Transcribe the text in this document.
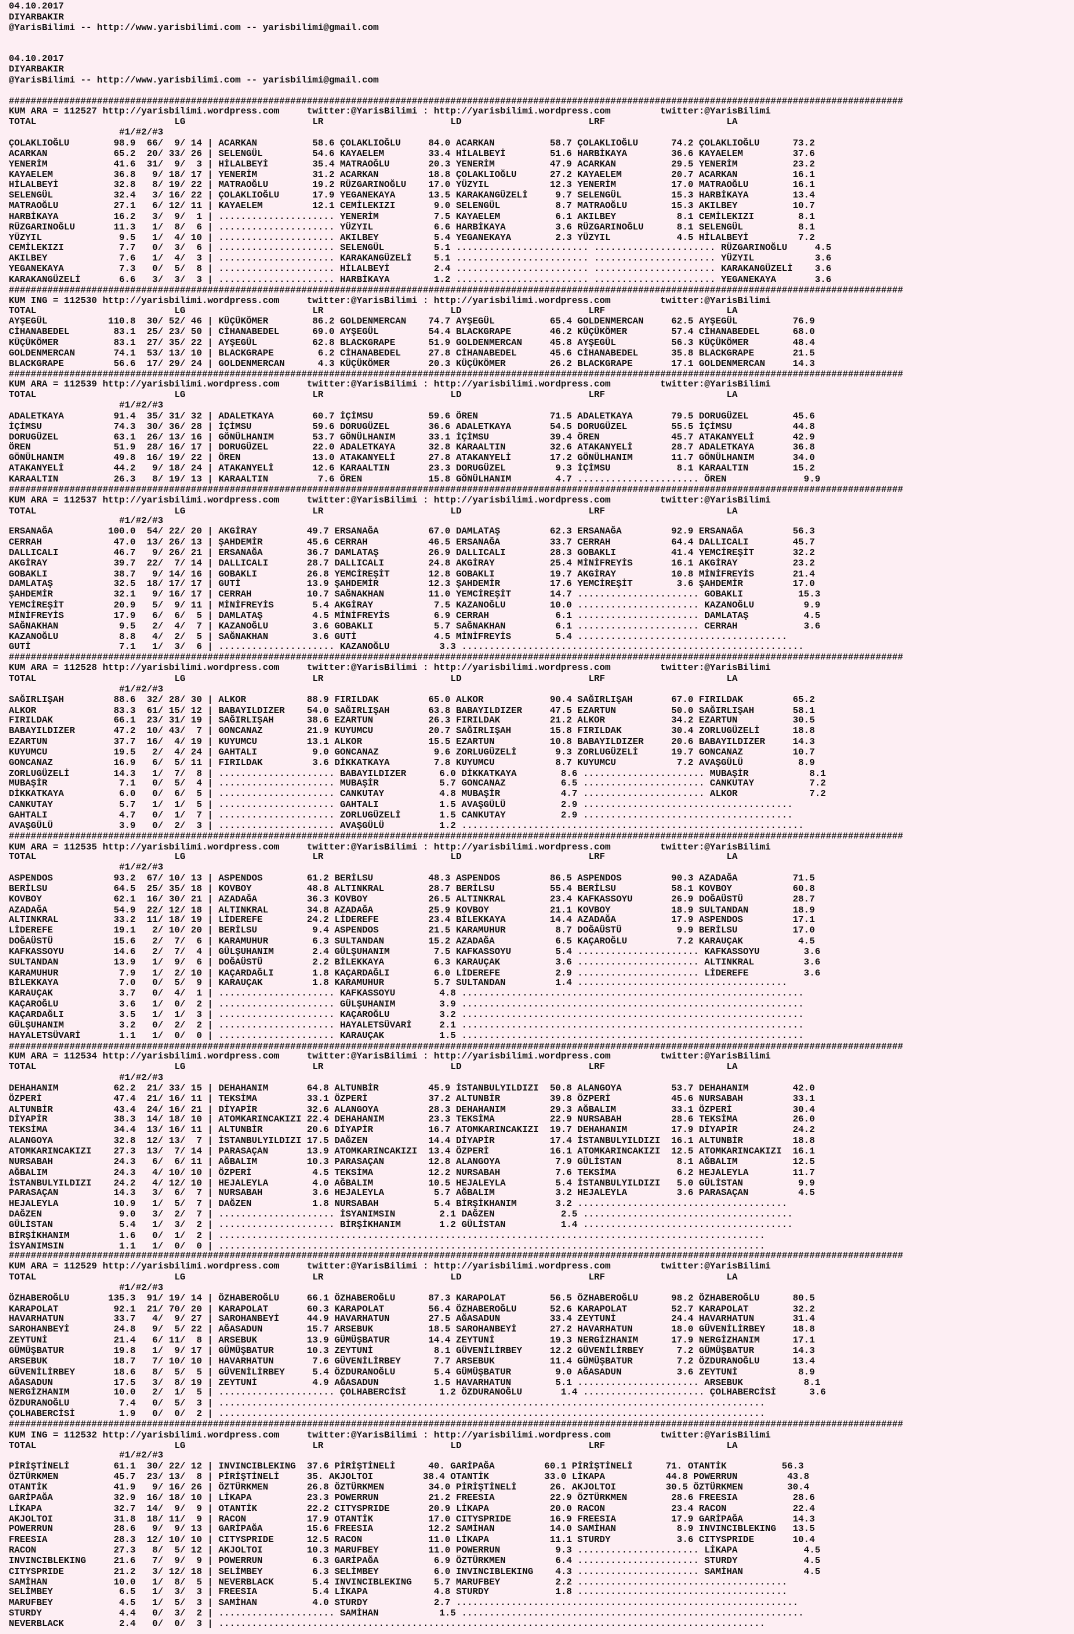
04.10.2017
DIYARBAKIR
@YarisBilimi -- http://www.yarisbilimi.com -- yarisbilimi@gmail.com
04.10.2017
DIYARBAKIR
@YarisBilimi -- http://www.yarisbilimi.com -- yarisbilimi@gmail.com
##################################################################################################################################################################
KUM ARA = 112527 http://yarisbilimi.wordpress.com     twitter:@YarisBilimi : http://yarisbilimi.wordpress.com         twitter:@YarisBilimi
TOTAL                         LG                       LR                       LD                       LRF                      LA
#1/#2/#3
ÇOLAKLIOĞLU        98.9  66/  9/ 14 | ACARKAN          58.6 ÇOLAKLIOĞLU     84.0 ACARKAN          58.7 ÇOLAKLIOĞLU      74.2 ÇOLAKLIOĞLU      73.2
ACARKAN            65.2  20/ 33/ 26 | SELENGÜL         54.6 KAYAELEM        33.4 HİLALBEYİ        51.6 HARBİKAYA        36.6 KAYAELEM         37.6
YENERİM            41.6  31/  9/  3 | HİLALBEYİ        35.4 MATRAOĞLU       20.3 YENERİM          47.9 ACARKAN          29.5 YENERİM          23.2
KAYAELEM           36.8   9/ 18/ 17 | YENERİM          31.2 ACARKAN         18.8 ÇOLAKLIOĞLU      27.2 KAYAELEM         20.7 ACARKAN          16.1
HİLALBEYİ          32.8   8/ 19/ 22 | MATRAOĞLU        19.2 RÜZGARINOĞLU    17.0 YÜZYIL           12.3 YENERİM          17.0 MATRAOĞLU        16.1
SELENGÜL           32.4   3/ 16/ 22 | ÇOLAKLIOĞLU      17.9 YEGANEKAYA      13.5 KARAKANGÜZELİ     9.7 SELENGÜL         15.3 HARBİKAYA        13.4
MATRAOĞLU          27.1   6/ 12/ 11 | KAYAELEM         12.1 CEMİLEKIZI       9.0 SELENGÜL          8.7 MATRAOĞLU        15.3 AKILBEY          10.7
HARBİKAYA          16.2   3/  9/  1 | ..................... YENERİM          7.5 KAYAELEM          6.1 AKILBEY           8.1 CEMİLEKIZI        8.1
RÜZGARINOĞLU       11.3   1/  8/  6 | ..................... YÜZYIL           6.6 HARBİKAYA         3.6 RÜZGARINOĞLU      8.1 SELENGÜL          8.1
YÜZYIL              9.5   1/  4/ 10 | ..................... AKILBEY          5.4 YEGANEKAYA        2.3 YÜZYIL            4.5 HİLALBEYİ         7.2
CEMİLEKIZI          7.7   0/  3/  6 | ..................... SELENGÜL         5.1 ........................ ...................... RÜZGARINOĞLU     4.5
AKILBEY             7.6   1/  4/  3 | ..................... KARAKANGÜZELİ    5.1 ........................ ...................... YÜZYIL           3.6
YEGANEKAYA          7.3   0/  5/  8 | ..................... HİLALBEYİ        2.4 ........................ ...................... KARAKANGÜZELİ    3.6
KARAKANGÜZELİ       6.6   3/  3/  3 | ..................... HARBİKAYA        1.2 ........................ ...................... YEGANEKAYA       3.6
##################################################################################################################################################################
KUM ING = 112530 http://yarisbilimi.wordpress.com     twitter:@YarisBilimi : http://yarisbilimi.wordpress.com         twitter:@YarisBilimi
TOTAL                         LG                       LR                       LD                       LRF                      LA
AYŞEGÜL           110.8  30/ 52/ 46 | KÜÇÜKÖMER        86.2 GOLDENMERCAN    74.7 AYŞEGÜL          65.4 GOLDENMERCAN     62.5 AYŞEGÜL          76.9
CİHANABEDEL        83.1  25/ 23/ 50 | CİHANABEDEL      69.0 AYŞEGÜL         54.4 BLACKGRAPE       46.2 KÜÇÜKÖMER        57.4 CİHANABEDEL      68.0
KÜÇÜKÖMER          83.1  27/ 35/ 22 | AYŞEGÜL          62.8 BLACKGRAPE      51.9 GOLDENMERCAN     45.8 AYŞEGÜL          56.3 KÜÇÜKÖMER        48.4
GOLDENMERCAN       74.1  53/ 13/ 10 | BLACKGRAPE        6.2 CİHANABEDEL     27.8 CİHANABEDEL      45.6 CİHANABEDEL      35.8 BLACKGRAPE       21.5
BLACKGRAPE         56.6  17/ 29/ 24 | GOLDENMERCAN      4.3 KÜÇÜKÖMER       20.3 KÜÇÜKÖMER        26.2 BLACKGRAPE       17.1 GOLDENMERCAN     14.3
##################################################################################################################################################################
KUM ARA = 112539 http://yarisbilimi.wordpress.com     twitter:@YarisBilimi : http://yarisbilimi.wordpress.com         twitter:@YarisBilimi
TOTAL                         LG                       LR                       LD                       LRF                      LA
#1/#2/#3
ADALETKAYA         91.4  35/ 31/ 32 | ADALETKAYA       60.7 İÇİMSU          59.6 ÖREN             71.5 ADALETKAYA       79.5 DORUGÜZEL        45.6
İÇİMSU             74.3  30/ 36/ 28 | İÇİMSU           59.6 DORUGÜZEL       36.6 ADALETKAYA       54.5 DORUGÜZEL        55.5 İÇİMSU           44.8
DORUGÜZEL          63.1  26/ 13/ 16 | GÖNÜLHANIM       53.7 GÖNÜLHANIM      33.1 İÇİMSU           39.4 ÖREN             45.7 ATAKANYELİ       42.9
ÖREN               51.9  28/ 16/ 17 | DORUGÜZEL        22.0 ADALETKAYA      32.8 KARAALTIN        32.6 ATAKANYELİ       28.7 ADALETKAYA       36.8
GÖNÜLHANIM         49.8  16/ 19/ 22 | ÖREN             13.0 ATAKANYELİ      27.8 ATAKANYELİ       17.2 GÖNÜLHANIM       11.7 GÖNÜLHANIM       34.0
ATAKANYELİ         44.2   9/ 18/ 24 | ATAKANYELİ       12.6 KARAALTIN       23.3 DORUGÜZEL         9.3 İÇİMSU            8.1 KARAALTIN        15.2
KARAALTIN          26.3   8/ 19/ 13 | KARAALTIN         7.6 ÖREN            15.8 GÖNÜLHANIM        4.7 ...................... ÖREN              9.9
##################################################################################################################################################################
KUM ARA = 112537 http://yarisbilimi.wordpress.com     twitter:@YarisBilimi : http://yarisbilimi.wordpress.com         twitter:@YarisBilimi
TOTAL                         LG                       LR                       LD                       LRF                      LA
#1/#2/#3
ERSANAĞA          100.0  54/ 22/ 20 | AKGİRAY         49.7 ERSANAĞA         67.0 DAMLATAŞ         62.3 ERSANAĞA         92.9 ERSANAĞA         56.3
CERRAH             47.0  13/ 26/ 13 | ŞAHDEMİR        45.6 CERRAH           46.5 ERSANAĞA         33.7 CERRAH           64.4 DALLICALI        45.7
DALLICALI          46.7   9/ 26/ 21 | ERSANAĞA        36.7 DAMLATAŞ         26.9 DALLICALI        28.3 GOBAKLI          41.4 YEMCİREŞİT       32.2
AKGİRAY            39.7  22/  7/ 14 | DALLICALI       28.7 DALLICALI        24.8 AKGİRAY          25.4 MİNİFREYİS       16.1 AKGİRAY          23.2
GOBAKLI            38.7   9/ 14/ 16 | GOBAKLI         26.8 YEMCİREŞİT       12.8 GOBAKLI          19.7 AKGİRAY          10.8 MİNİFREYİS       21.4
DAMLATAŞ           32.5  18/ 17/ 17 | GUTİ            13.9 ŞAHDEMİR         12.3 ŞAHDEMİR         17.6 YEMCİREŞİT        3.6 ŞAHDEMİR         17.0
ŞAHDEMİR           32.1   9/ 16/ 17 | CERRAH          10.7 SAĞNAKHAN        11.0 YEMCİREŞİT       14.7 ...................... GOBAKLI          15.3
YEMCİREŞİT         20.9   5/  9/ 11 | MİNİFREYİS       5.4 AKGİRAY           7.5 KAZANOĞLU        10.0 ...................... KAZANOĞLU         9.9
MİNİFREYİS         17.9   6/  6/  5 | DAMLATAŞ         4.5 MİNİFREYİS        6.9 CERRAH            6.1 ...................... DAMLATAŞ          4.5
SAĞNAKHAN           9.5   2/  4/  7 | KAZANOĞLU        3.6 GOBAKLI           5.7 SAĞNAKHAN         6.1 ...................... CERRAH            3.6
KAZANOĞLU           8.8   4/  2/  5 | SAĞNAKHAN        3.6 GUTİ              4.5 MİNİFREYİS        5.4 ......................................
GUTİ                7.1   1/  3/  6 | ..................... KAZANOĞLU         3.3 ..............................................................
##################################################################################################################################################################
KUM ARA = 112528 http://yarisbilimi.wordpress.com     twitter:@YarisBilimi : http://yarisbilimi.wordpress.com         twitter:@YarisBilimi
TOTAL                         LG                       LR                       LD                       LRF                      LA
#1/#2/#3
SAĞIRLIŞAH         88.6  32/ 28/ 30 | ALKOR           88.9 FIRILDAK         65.0 ALKOR            90.4 SAĞIRLIŞAH       67.0 FIRILDAK         65.2
ALKOR              83.3  61/ 15/ 12 | BABAYILDIZER    54.0 SAĞIRLIŞAH       63.8 BABAYILDIZER     47.5 EZARTUN          50.0 SAĞIRLIŞAH       58.1
FIRILDAK           66.1  23/ 31/ 19 | SAĞIRLIŞAH      38.6 EZARTUN          26.3 FIRILDAK         21.2 ALKOR            34.2 EZARTUN          30.5
BABAYILDIZER       47.2  10/ 43/  7 | GONCANAZ        21.9 KUYUMCU          20.7 SAĞIRLIŞAH       15.8 FIRILDAK         30.4 ZORLUGÜZELİ      18.8
EZARTUN            37.7  16/  4/ 19 | KUYUMCU         13.1 ALKOR            15.5 EZARTUN          10.8 BABAYILDIZER     20.6 BABAYILDIZER     14.3
KUYUMCU            19.5   2/  4/ 24 | GAHTALI          9.0 GONCANAZ          9.6 ZORLUGÜZELİ       9.3 ZORLUGÜZELİ      19.7 GONCANAZ         10.7
GONCANAZ           16.9   6/  5/ 11 | FIRILDAK         3.6 DİKKATKAYA        7.8 KUYUMCU           8.7 KUYUMCU           7.2 AVAŞGÜLÜ          8.9
ZORLUGÜZELİ        14.3   1/  7/  8 | ..................... BABAYILDIZER      6.0 DİKKATKAYA        8.6 ...................... MUBAŞİR           8.1
MUBAŞİR             7.1   0/  5/  4 | ..................... MUBAŞİR           5.7 GONCANAZ          6.5 ...................... CANKUTAY          7.2
DİKKATKAYA          6.0   0/  6/  5 | ..................... CANKUTAY          4.8 MUBAŞİR           4.7 ...................... ALKOR             7.2
CANKUTAY            5.7   1/  1/  5 | ..................... GAHTALI           1.5 AVAŞGÜLÜ          2.9 ......................................
GAHTALI             4.7   0/  1/  7 | ..................... ZORLUGÜZELİ       1.5 CANKUTAY          2.9 ......................................
AVAŞGÜLÜ            3.9   0/  2/  3 | ..................... AVAŞGÜLÜ          1.2 ..............................................................
##################################################################################################################################################################
KUM ARA = 112535 http://yarisbilimi.wordpress.com     twitter:@YarisBilimi : http://yarisbilimi.wordpress.com         twitter:@YarisBilimi
TOTAL                         LG                       LR                       LD                       LRF                      LA
#1/#2/#3
ASPENDOS           93.2  67/ 10/ 13 | ASPENDOS        61.2 BERİLSU          48.3 ASPENDOS         86.5 ASPENDOS         90.3 AZADAĞA          71.5
BERİLSU            64.5  25/ 35/ 18 | KOVBOY          48.8 ALTINKRAL        28.7 BERİLSU          55.4 BERİLSU          58.1 KOVBOY           60.8
KOVBOY             62.1  16/ 30/ 21 | AZADAĞA         36.3 KOVBOY           26.5 ALTINKRAL        23.4 KAFKASSOYU       26.9 DOĞAÜSTÜ         28.7
AZADAĞA            54.9  22/ 12/ 18 | ALTINKRAL       34.8 AZADAĞA          25.9 KOVBOY           21.1 KOVBOY           18.9 SULTANDAN        18.9
ALTINKRAL          33.2  11/ 18/ 19 | LİDEREFE        24.2 LİDEREFE         23.4 BİLEKKAYA        14.4 AZADAĞA          17.9 ASPENDOS         17.1
LİDEREFE           19.1   2/ 10/ 20 | BERİLSU          9.4 ASPENDOS         21.5 KARAMUHUR         8.7 DOĞAÜSTÜ          9.9 BERİLSU          17.0
DOĞAÜSTÜ           15.6   2/  7/  6 | KARAMUHUR        6.3 SULTANDAN        15.2 AZADAĞA           6.5 KAÇAROĞLU         7.2 KARAUÇAK          4.5
KAFKASSOYU         14.6   2/  7/  4 | GÜLŞUHANIM       2.4 GÜLŞUHANIM        7.5 KAFKASSOYU        5.4 ...................... KAFKASSOYU        3.6
SULTANDAN          13.9   1/  9/  6 | DOĞAÜSTÜ         2.2 BİLEKKAYA         6.3 KARAUÇAK          3.6 ...................... ALTINKRAL         3.6
KARAMUHUR           7.9   1/  2/ 10 | KAÇARDAĞLI       1.8 KAÇARDAĞLI        6.0 LİDEREFE          2.9 ...................... LİDEREFE          3.6
BİLEKKAYA           7.0   0/  5/  9 | KARAUÇAK         1.8 KARAMUHUR         5.7 SULTANDAN         1.4 ......................................
KARAUÇAK            3.7   0/  4/  1 | ..................... KAFKASSOYU        4.8 ..............................................................
KAÇAROĞLU           3.6   1/  0/  2 | ..................... GÜLŞUHANIM        3.9 ..............................................................
KAÇARDAĞLI          3.5   1/  1/  3 | ..................... KAÇAROĞLU         3.2 ..............................................................
GÜLŞUHANIM          3.2   0/  2/  2 | ..................... HAYALETSÜVARİ     2.1 ..............................................................
HAYALETSÜVARİ       1.1   1/  0/  0 | ..................... KARAUÇAK          1.5 ..............................................................
##################################################################################################################################################################
KUM ARA = 112534 http://yarisbilimi.wordpress.com     twitter:@YarisBilimi : http://yarisbilimi.wordpress.com         twitter:@YarisBilimi
TOTAL                         LG                       LR                       LD                       LRF                      LA
#1/#2/#3
DEHAHANIM          62.2  21/ 33/ 15 | DEHAHANIM       64.8 ALTUNBİR         45.9 İSTANBULYILDIZI  50.8 ALANGOYA         53.7 DEHAHANIM        42.0
ÖZPERİ             47.4  21/ 16/ 11 | TEKSİMA         33.1 ÖZPERİ           37.2 ALTUNBİR         39.8 ÖZPERİ           45.6 NURSABAH         33.1
ALTUNBİR           43.4  24/ 16/ 21 | DİYAPİR         32.6 ALANGOYA         28.3 DEHAHANIM        29.3 AĞBALIM          33.1 ÖZPERİ           30.4
DİYAPİR            38.3  14/ 18/ 10 | ATOMKARINCAKIZI 22.4 DEHAHANIM        23.3 TEKSİMA          22.9 NURSABAH         28.6 TEKSİMA          26.0
TEKSİMA            34.4  13/ 16/ 11 | ALTUNBİR        20.6 DİYAPİR          16.7 ATOMKARINCAKIZI  19.7 DEHAHANIM        17.9 DİYAPİR          24.2
ALANGOYA           32.8  12/ 13/  7 | İSTANBULYILDIZI 17.5 DAĞZEN           14.4 DİYAPİR          17.4 İSTANBULYILDIZI  16.1 ALTUNBİR         18.8
ATOMKARINCAKIZI    27.3  13/  7/ 14 | PARASAÇAN       13.9 ATOMKARINCAKIZI  13.4 ÖZPERİ           16.1 ATOMKARINCAKIZI  12.5 ATOMKARINCAKIZI  16.1
NURSABAH           24.3   6/  6/ 11 | AĞBALIM         10.3 PARASAÇAN        12.8 ALANGOYA          7.9 GÜLİSTAN          8.1 AĞBALIM          12.5
AĞBALIM            24.3   4/ 10/ 10 | ÖZPERİ           4.5 TEKSİMA          12.2 NURSABAH          7.6 TEKSİMA           6.2 HEJALEYLA        11.7
İSTANBULYILDIZI    24.2   4/ 12/ 10 | HEJALEYLA        4.0 AĞBALIM          10.5 HEJALEYLA         5.4 İSTANBULYILDIZI   5.0 GÜLİSTAN          9.9
PARASAÇAN          14.3   3/  6/  7 | NURSABAH         3.6 HEJALEYLA         5.7 AĞBALIM           3.2 HEJALEYLA         3.6 PARASAÇAN         4.5
HEJALEYLA          10.9   1/  5/  7 | DAĞZEN           1.8 NURSABAH          5.4 BİRŞİKHANIM       3.2 ......................................
DAĞZEN              9.0   3/  2/  7 | ..................... İSYANIMSIN        2.1 DAĞZEN            2.5 ......................................
GÜLİSTAN            5.4   1/  3/  2 | ..................... BİRŞİKHANIM       1.2 GÜLİSTAN          1.4 ......................................
BİRŞİKHANIM         1.6   0/  1/  2 | ...................................................................................................
İSYANIMSIN          1.1   1/  0/  0 | ...................................................................................................
##################################################################################################################################################################
KUM ARA = 112529 http://yarisbilimi.wordpress.com     twitter:@YarisBilimi : http://yarisbilimi.wordpress.com         twitter:@YarisBilimi
TOTAL                         LG                       LR                       LD                       LRF                      LA
#1/#2/#3
ÖZHABEROĞLU       135.3  91/ 19/ 14 | ÖZHABEROĞLU     66.1 ÖZHABEROĞLU      87.3 KARAPOLAT        56.5 ÖZHABEROĞLU      98.2 ÖZHABEROĞLU      80.5
KARAPOLAT          92.1  21/ 70/ 20 | KARAPOLAT       60.3 KARAPOLAT        56.4 ÖZHABEROĞLU      52.6 KARAPOLAT        52.7 KARAPOLAT        32.2
HAVARHATUN         33.7   4/  9/ 27 | SAROHANBEYİ     44.9 HAVARHATUN       27.5 AĞASADUN         33.4 ZEYTUNİ          24.4 HAVARHATUN       31.4
SAROHANBEYİ        24.8   9/  5/ 22 | AĞASADUN        15.7 ARSEBUK          18.5 SAROHANBEYİ      27.2 HAVARHATUN       18.0 GÜVENİLİRBEY     18.8
ZEYTUNİ            21.4   6/ 11/  8 | ARSEBUK         13.9 GÜMÜŞBATUR       14.4 ZEYTUNİ          19.3 NERGİZHANIM      17.9 NERGİZHANIM      17.1
GÜMÜŞBATUR         19.8   1/  9/ 17 | GÜMÜŞBATUR      10.3 ZEYTUNİ           8.1 GÜVENİLİRBEY     12.2 GÜVENİLİRBEY      7.2 GÜMÜŞBATUR       14.3
ARSEBUK            18.7   7/ 10/ 10 | HAVARHATUN       7.6 GÜVENİLİRBEY      7.7 ARSEBUK          11.4 GÜMÜŞBATUR        7.2 ÖZDURANOĞLU      13.4
GÜVENİLİRBEY       18.6   8/  5/  5 | GÜVENİLİRBEY     5.4 ÖZDURANOĞLU       5.4 GÜMÜŞBATUR        9.0 AĞASADUN          3.6 ZEYTUNİ           8.9
AĞASADUN           17.5   3/  8/ 19 | ZEYTUNİ          4.9 AĞASADUN          1.5 HAVARHATUN        5.1 ...................... ARSEBUK           8.1
NERGİZHANIM        10.0   2/  1/  5 | ..................... ÇOLHABERCİSİ      1.2 ÖZDURANOĞLU       1.4 ...................... ÇOLHABERCİSİ      3.6
ÖZDURANOĞLU         7.4   0/  5/  3 | ...................................................................................................
ÇOLHABERCİSİ        1.9   0/  0/  2 | ...................................................................................................
##################################################################################################################################################################
KUM ING = 112532 http://yarisbilimi.wordpress.com     twitter:@YarisBilimi : http://yarisbilimi.wordpress.com         twitter:@YarisBilimi
TOTAL                         LG                       LR                       LD                       LRF                      LA
#1/#2/#3
PİRİŞTİNELİ        61.1  30/ 22/ 12 | INVINCIBLEKING  37.6 PİRİŞTİNELİ      40. GARİPAĞA         60.1 PİRİŞTİNELİ      71. OTANTİK          56.3
ÖZTÜRKMEN          45.7  23/ 13/  8 | PİRİŞTİNELİ     35. AKJOLTOI         38.4 OTANTİK          33.0 LİKAPA           44.8 POWERRUN         43.8
OTANTİK            41.9   9/ 16/ 26 | ÖZTÜRKMEN       26.8 ÖZTÜRKMEN        34.0 PİRİŞTİNELİ      26. AKJOLTOI         30.5 ÖZTÜRKMEN        30.4
GARİPAĞA           32.9  16/ 18/ 10 | LİKAPA          23.3 POWERRUN         21.2 FREESIA          22.9 ÖZTÜRKMEN        28.6 FREESIA          28.6
LİKAPA             32.7  14/  9/  9 | OTANTİK         22.2 CITYSPRIDE       20.9 LİKAPA           20.0 RACON            23.4 RACON            22.4
AKJOLTOI           31.8  18/ 11/  9 | RACON           17.9 OTANTİK          17.0 CITYSPRIDE       16.9 FREESIA          17.9 GARİPAĞA         14.3
POWERRUN           28.6   9/  9/ 13 | GARİPAĞA        15.6 FREESIA          12.2 SAMİHAN          14.0 SAMİHAN           8.9 INVINCIBLEKING   13.5
FREESIA            28.3  12/ 10/ 10 | CITYSPRIDE      12.5 RACON            11.0 LİKAPA           11.1 STURDY            3.6 CITYSPRIDE       10.4
RACON              27.3   8/  5/ 12 | AKJOLTOI        10.3 MARUFBEY         11.0 POWERRUN          9.3 ...................... LİKAPA            4.5
INVINCIBLEKING     21.6   7/  9/  9 | POWERRUN         6.3 GARİPAĞA          6.9 ÖZTÜRKMEN         6.4 ...................... STURDY            4.5
CITYSPRIDE         21.2   3/ 12/ 18 | SELİMBEY         6.3 SELİMBEY          6.0 INVINCIBLEKING    4.3 ...................... SAMİHAN           4.5
SAMİHAN            10.0   1/  8/  5 | NEVERBLACK       5.4 INVINCIBLEKING    5.7 MARUFBEY          2.2 ......................................
SELİMBEY            6.5   1/  3/  3 | FREESIA          5.4 LİKAPA            4.8 STURDY            1.8 ......................................
MARUFBEY            4.5   1/  5/  3 | SAMİHAN          4.0 STURDY            2.7 ..............................................................
STURDY              4.4   0/  3/  2 | ..................... SAMİHAN           1.5 ..............................................................
NEVERBLACK          2.4   0/  0/  3 | ...................................................................................................
